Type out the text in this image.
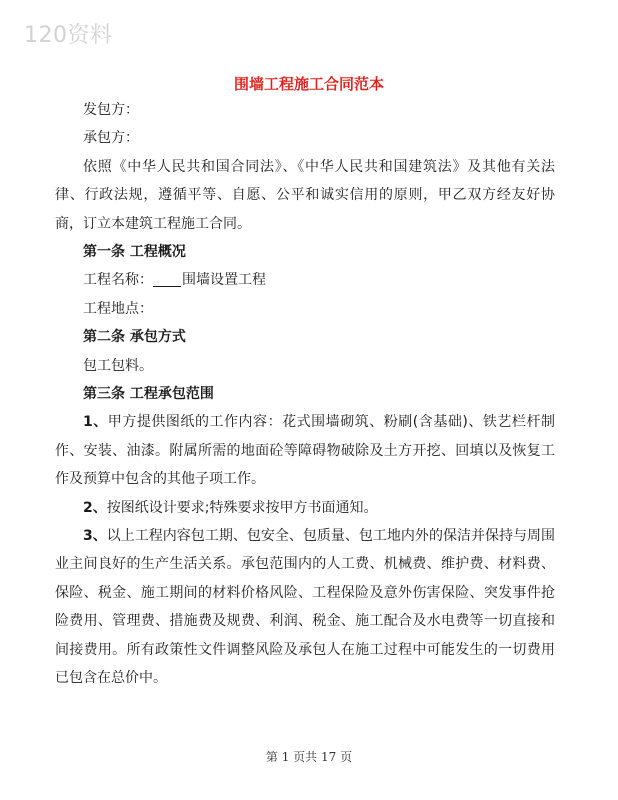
120资料
围墙工程施工合同范本
发包方：
承包方：
依照《中华人民共和国合同法》、《中华人民共和国建筑法》及其他有关法律、行政法规，遵循平等、自愿、公平和诚实信用的原则，甲乙双方经友好协商，订立本建筑工程施工合同。
第一条 工程概况
工程名称： 围墙设置工程
工程地点：
第二条 承包方式
包工包料。
第三条 工程承包范围
1、甲方提供图纸的工作内容：花式围墙砌筑、粉刷(含基础)、铁艺栏杆制作、安装、油漆。附属所需的地面砼等障碍物破除及土方开挖、回填以及恢复工作及预算中包含的其他子项工作。
2、按图纸设计要求;特殊要求按甲方书面通知。
3、以上工程内容包工期、包安全、包质量、包工地内外的保洁并保持与周围业主间良好的生产生活关系。承包范围内的人工费、机械费、维护费、材料费、保险、税金、施工期间的材料价格风险、工程保险及意外伤害保险、突发事件抢险费用、管理费、措施费及规费、利润、税金、施工配合及水电费等一切直接和间接费用。所有政策性文件调整风险及承包人在施工过程中可能发生的一切费用已包含在总价中。
第 1 页共 17 页
